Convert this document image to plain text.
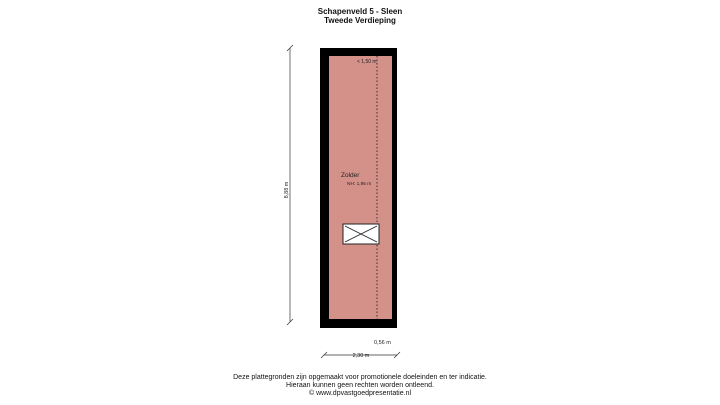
Schapenveld 5 - Sleen
Tweede Verdieping
< 1,50 m
Zolder
NH: 1,95 m
8,88 m
0,56 m
2,30 m
Deze plattegronden zijn opgemaakt voor promotionele doeleinden en ter indicatie.
Hieraan kunnen geen rechten worden ontleend.
© www.dpvastgoedpresentatie.nl
